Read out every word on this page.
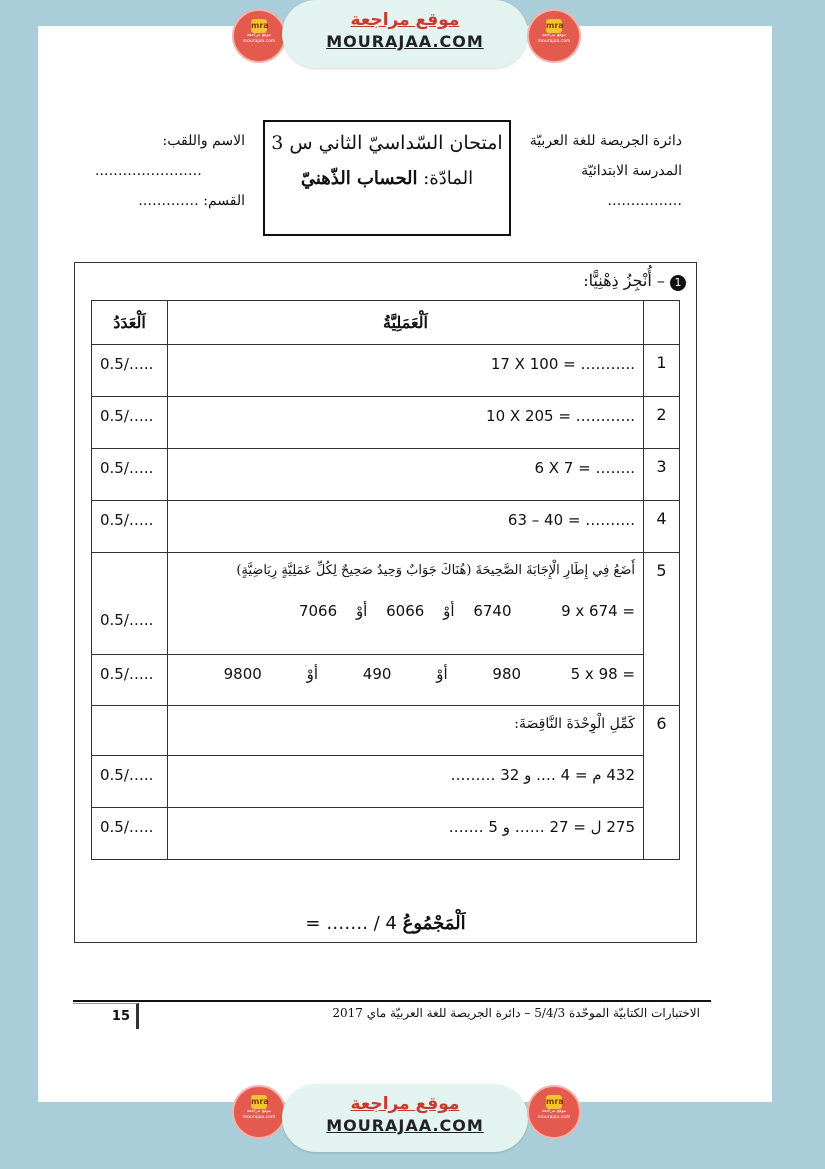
mra
موقع مراجعة mourajaa.com
موقع مراجعة
MOURAJAA.COM
mra
موقع مراجعة mourajaa.com
دائرة الجريصة للغة العربيّة
المدرسة الابتدائيّة
…………….
الاسم واللقب:
…………………..
القسم: ………….
امتحان السّداسيّ الثاني س 3
المادّة: الحساب الذّهنيّ
1 – أُنْجِزُ ذِهْنِيًّا:
	اَلْعَمَلِيَّةُ	اَلْعَدَدُ
1	17 X 100 = ………..	0.5/…..
2	10 X 205 = …….…..	0.5/…..
3	6 X 7 = ……..	0.5/…..
4	63 – 40 = ……….	0.5/…..
5	أَضَعُ فِي إِطَارِ الْإِجَابَةَ الصَّحِيحَةَ (هُنَاكَ جَوَابٌ وَحِيدٌ صَحِيحٌ لِكُلِّ عَمَلِيَّةٍ رِيَاضِيَّةٍ)
9 x 674 =  6740 أوْ 6066 أوْ 7066	0.5/…..

	5 x 98 =  980 أوْ 490 أوْ 9800	0.5/…..
6	كَمِّلِ الْوِحْدَةَ النَّاقِصَةَ:	
	432 م = 4 …. و 32 ………	0.5/…..
	275 ل = 27 …… و 5 …….	0.5/…..
اَلْمَجْمُوعُ = ……. / 4
15	الاختبارات الكتابيّة الموحّدة 5/4/3 – دائرة الجريصة للغة العربيّة ماي 2017
mra
موقع مراجعة mourajaa.com
موقع مراجعة
MOURAJAA.COM
mra
موقع مراجعة mourajaa.com
